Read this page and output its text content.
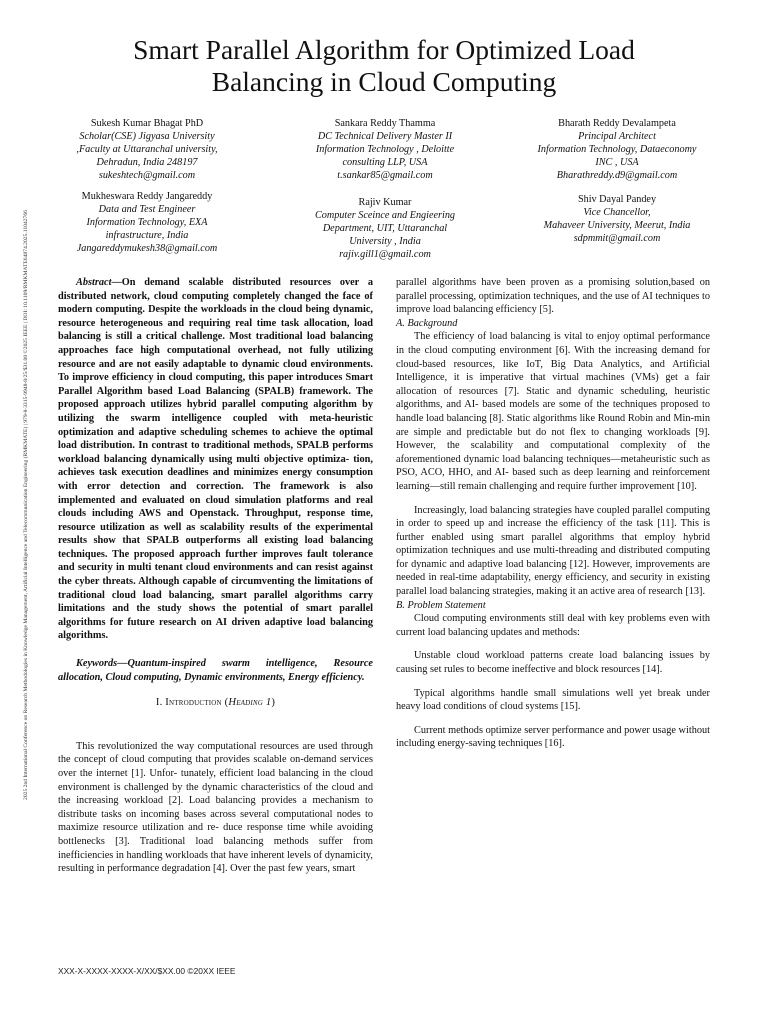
2025 2nd International Conference on Research Methodologies in Knowledge Management, Artificial Intelligence and Telecommunication Engineering (RMKMATE) | 979-8-3315-9948-8/25/$31.00 ©2025 IEEE | DOI: 10.1109/RMKMATE64874.2025.11042766
Smart Parallel Algorithm for Optimized Load
Balancing in Cloud Computing
Sukesh Kumar Bhagat PhD
Scholar(CSE) Jigyasa University
,Faculty at Uttaranchal university,
Dehradun, India 248197
sukeshtech@gmail.com
Sankara Reddy Thamma
DC Technical Delivery Master II
Information Technology , Deloitte
consulting LLP, USA
t.sankar85@gmail.com
Bharath Reddy Devalampeta
Principal Architect
Information Technology, Dataeconomy
INC , USA
Bharathreddy.d9@gmail.com
Mukheswara Reddy Jangareddy
Data and Test Engineer
Information Technology, EXA
infrastructure, India
Jangareddymukesh38@gmail.com
Rajiv Kumar
Computer Sceince and Engieering
Department, UIT, Uttaranchal
University , India
rajiv.gill1@gmail.com
Shiv Dayal Pandey
Vice Chancellor,
Mahaveer University, Meerut, India
sdpmmit@gmail.com

Abstract—On demand scalable distributed resources over a distributed network, cloud computing completely changed the face of modern computing. Despite the workloads in the cloud being dynamic, resource heterogeneous and requiring real time task allocation, load balancing is still a critical challenge. Most traditional load balancing approaches face high computational overhead, not fully utilizing resource and are not easily adaptable to dynamic cloud environments. To improve efficiency in cloud computing, this paper introduces Smart Parallel Algorithm based Load Balancing (SPALB) framework. The proposed approach utilizes hybrid parallel computing algorithm by utilizing the swarm intelligence coupled with meta-heuristic optimization and adaptive scheduling schemes to achieve the optimal load distribution. In contrast to traditional methods, SPALB performs workload balancing dynamically using multi objective optimiza- tion, achieves task execution deadlines and minimizes energy consumption with error detection and correction. The framework is also implemented and evaluated on cloud simulation platforms and real clouds including AWS and Openstack. Throughput, response time, resource utilization as well as scalability results of the experimental results show that SPALB outperforms all existing load balancing techniques. The proposed approach further improves fault tolerance and security in multi tenant cloud environments and can resist against the cyber threats. Although capable of circumventing the limitations of traditional cloud load balancing, smart parallel algorithms carry limitations and the study shows the potential of smart parallel algorithms for future research on AI driven adaptive load balancing algorithms.

Keywords—Quantum-inspired swarm intelligence, Resource allocation, Cloud computing, Dynamic environments, Energy efficiency.

I. Introduction (Heading 1)

This revolutionized the way computational resources are used through the concept of cloud computing that provides scalable on-demand services over the internet [1]. Unfor- tunately, efficient load balancing in the cloud environment is challenged by the dynamic characteristics of the cloud and the increasing workload [2]. Load balancing provides a mechanism to distribute tasks on incoming bases across several computational nodes to maximize resource utilization and re- duce response time while avoiding bottlenecks [3]. Traditional load balancing methods suffer from inefficiencies in handling workloads that have inherent levels of dynamicity, resulting in performance degradation [4]. Over the past few years, smart

parallel algorithms have been proven as a promising solution,based on parallel processing, optimization techniques, and the use of AI techniques to improve load balancing efficiency [5].

A. Background

The efficiency of load balancing is vital to enjoy optimal performance in the cloud computing environment [6]. With the increasing demand for cloud-based resources, like IoT, Big Data Analytics, and Artificial Intelligence, it is imperative that virtual machines (VMs) get a fair allocation of resources [7]. Static and dynamic scheduling, heuristic algorithms, and AI- based models are some of the techniques proposed to handle load balancing [8]. Static algorithms like Round Robin and Min-min are simple and predictable but do not flex to changing workloads [9]. However, the scalability and computational complexity of the aforementioned dynamic load balancing techniques—metaheuristic such as PSO, ACO, HHO, and AI- based such as deep learning and reinforcement learning—still remain challenging and require further improvement [10].

Increasingly, load balancing strategies have coupled parallel computing in order to speed up and increase the efficiency of the task [11]. This is further enabled using smart parallel algorithms that employ hybrid optimization techniques and use multi-threading and distributed computing for dynamic and adaptive load balancing [12]. However, improvements are needed in real-time adaptability, energy efficiency, and security in existing parallel load balancing strategies, making it an active area of research [13].

B. Problem Statement

Cloud computing environments still deal with key problems even with current load balancing updates and methods:

Unstable cloud workload patterns create load balancing issues by causing set rules to become ineffective and block resources [14].

Typical algorithms handle small simulations well yet break under heavy load conditions of cloud systems [15].

Current methods optimize server performance and power usage without including energy-saving techniques [16].

XXX-X-XXXX-XXXX-X/XX/$XX.00 ©20XX IEEE
